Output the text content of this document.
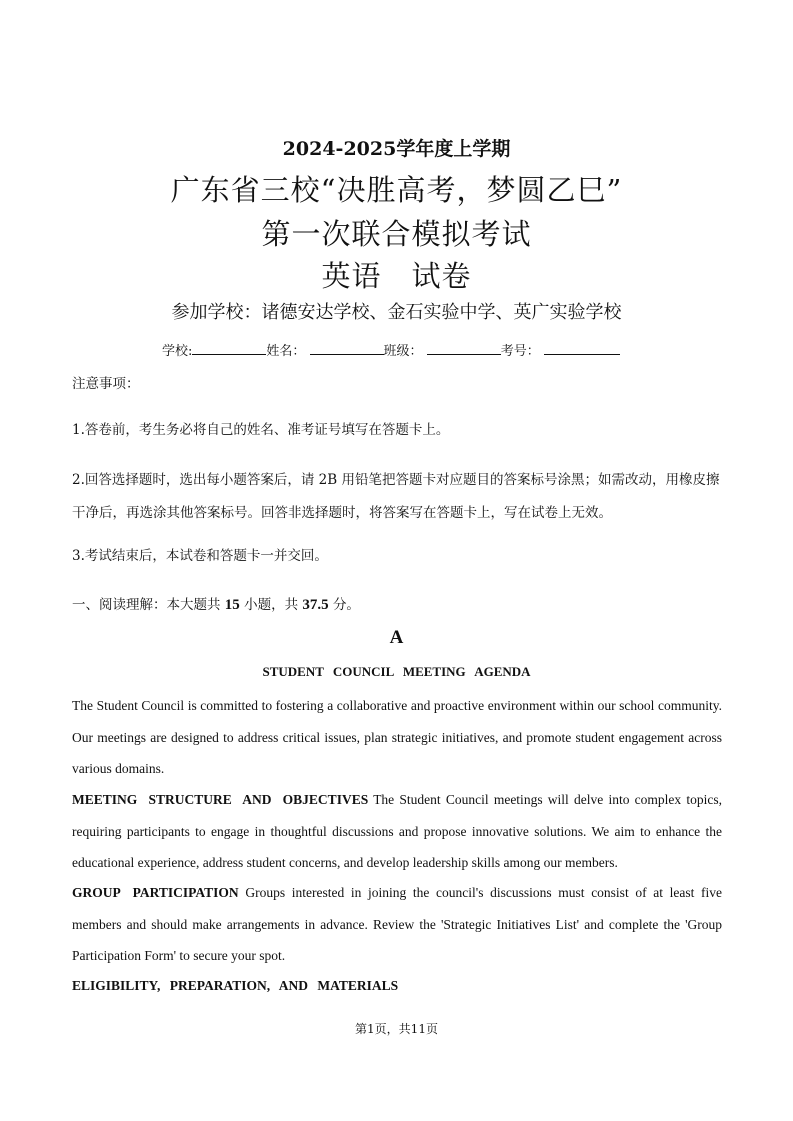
2024-2025学年度上学期
广东省三校“决胜高考，梦圆乙巳”
第一次联合模拟考试
英语　试卷
参加学校：诸德安达学校、金石实验中学、英广实验学校
学校:	姓名：	班级：	考号：
注意事项：
1.答卷前，考生务必将自己的姓名、准考证号填写在答题卡上。
2.回答选择题时，选出每小题答案后，请 2B 用铅笔把答题卡对应题目的答案标号涂黑；如需改动，用橡皮擦干净后，再选涂其他答案标号。回答非选择题时，将答案写在答题卡上，写在试卷上无效。
3.考试结束后，本试卷和答题卡一并交回。
一、阅读理解：本大题共 15 小题，共 37.5 分。
A
STUDENT COUNCIL MEETING AGENDA
The Student Council is committed to fostering a collaborative and proactive environment within our school community. Our meetings are designed to address critical issues, plan strategic initiatives, and promote student engagement across various domains.
MEETING STRUCTURE AND OBJECTIVES The Student Council meetings will delve into complex topics, requiring participants to engage in thoughtful discussions and propose innovative solutions. We aim to enhance the educational experience, address student concerns, and develop leadership skills among our members.
GROUP PARTICIPATION Groups interested in joining the council's discussions must consist of at least five members and should make arrangements in advance. Review the 'Strategic Initiatives List' and complete the 'Group Participation Form' to secure your spot.
ELIGIBILITY, PREPARATION, AND MATERIALS
第1页，共11页
